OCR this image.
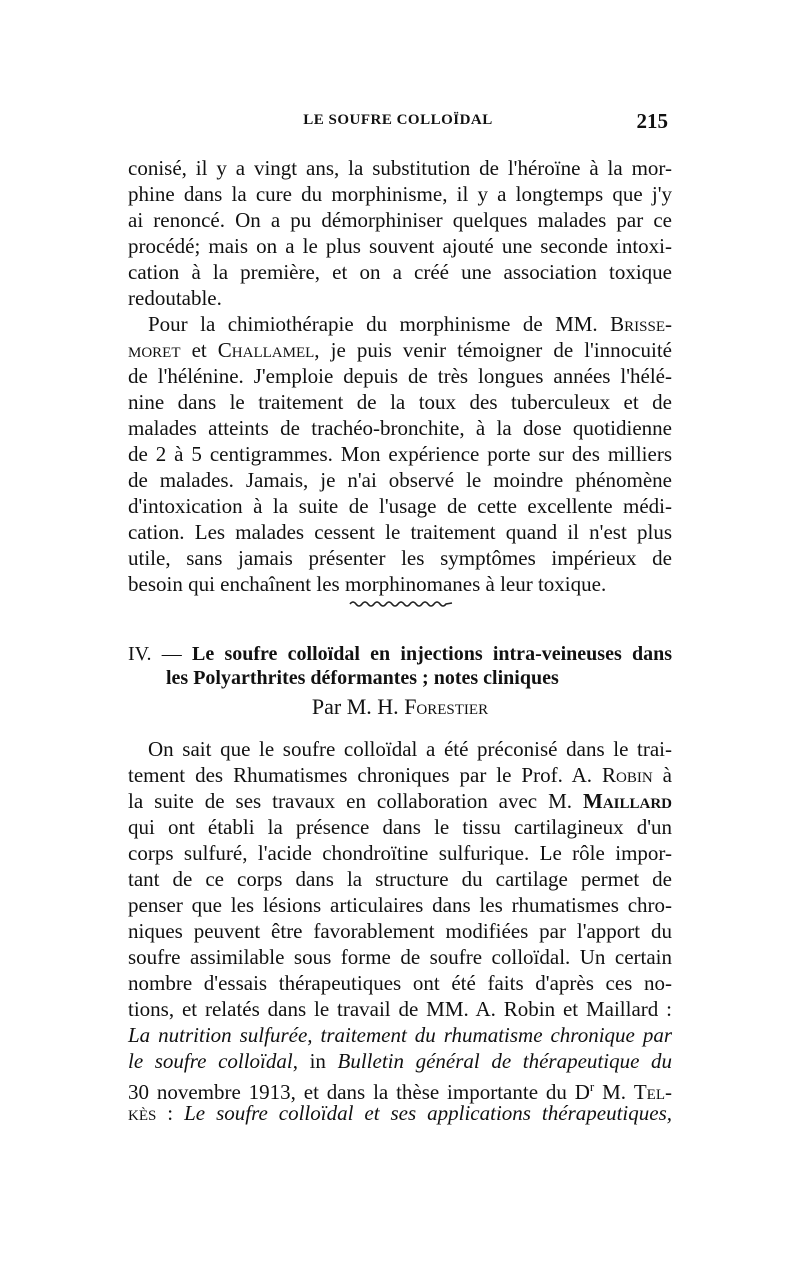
LE SOUFRE COLLOÏDAL	215
conisé, il y a vingt ans, la substitution de l'héroïne à la mor-
phine dans la cure du morphinisme, il y a longtemps que j'y
ai renoncé. On a pu démorphiniser quelques malades par ce
procédé; mais on a le plus souvent ajouté une seconde intoxi-
cation à la première, et on a créé une association toxique
redoutable.
Pour la chimiothérapie du morphinisme de MM. Brisse-
moret et Challamel, je puis venir témoigner de l'innocuité
de l'hélénine. J'emploie depuis de très longues années l'hélé-
nine dans le traitement de la toux des tuberculeux et de
malades atteints de trachéo-bronchite, à la dose quotidienne
de 2 à 5 centigrammes. Mon expérience porte sur des milliers
de malades. Jamais, je n'ai observé le moindre phénomène
d'intoxication à la suite de l'usage de cette excellente médi-
cation. Les malades cessent le traitement quand il n'est plus
utile, sans jamais présenter les symptômes impérieux de
besoin qui enchaînent les morphinomanes à leur toxique.
IV. — Le soufre colloïdal en injections intra-veineuses dans
les Polyarthrites déformantes ; notes cliniques
Par M. H. Forestier
On sait que le soufre colloïdal a été préconisé dans le trai-
tement des Rhumatismes chroniques par le Prof. A. Robin à
la suite de ses travaux en collaboration avec M. Maillard
qui ont établi la présence dans le tissu cartilagineux d'un
corps sulfuré, l'acide chondroïtine sulfurique. Le rôle impor-
tant de ce corps dans la structure du cartilage permet de
penser que les lésions articulaires dans les rhumatismes chro-
niques peuvent être favorablement modifiées par l'apport du
soufre assimilable sous forme de soufre colloïdal. Un certain
nombre d'essais thérapeutiques ont été faits d'après ces no-
tions, et relatés dans le travail de MM. A. Robin et Maillard :
La nutrition sulfurée, traitement du rhumatisme chronique par
le soufre colloïdal, in Bulletin général de thérapeutique du
30 novembre 1913, et dans la thèse importante du $D^r$ M. Tel-
kès : Le soufre colloïdal et ses applications thérapeutiques,
